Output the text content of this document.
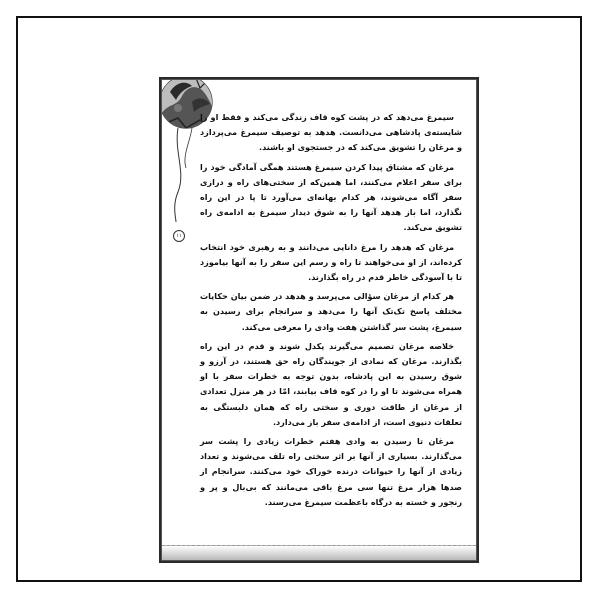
۱۱

سیمرغ می‌دهد که در پشت کوه قاف زندگی می‌کند و فقط او را شایسته‌ی پادشاهی می‌دانست. هدهد به توصیف سیمرغ می‌پردازد و مرغان را تشویق می‌کند که در جستجوی او باشند.

مرغان که مشتاق پیدا کردن سیمرغ هستند همگی آمادگی خود را برای سفر اعلام می‌کنند، اما همین‌که از سختی‌های راه و درازی سفر آگاه می‌شوند، هر کدام بهانه‌ای می‌آورد تا پا در این راه نگذارد، اما باز هدهد آنها را به شوق دیدار سیمرغ به ادامه‌ی راه تشویق می‌کند.

مرغان که هدهد را مرغ دانایی می‌دانند و به رهبری خود انتخاب کرده‌اند، از او می‌خواهند تا راه و رسم این سفر را به آنها بیاموزد تا با آسودگی خاطر قدم در راه بگذارند.

هر کدام از مرغان سؤالی می‌پرسد و هدهد در ضمن بیان حکایات مختلف پاسخ تک‌تک آنها را می‌دهد و سرانجام برای رسیدن به سیمرغ، پشت سر گذاشتن هفت وادی را معرفی می‌کند.

خلاصه مرغان تصمیم می‌گیرند یکدل شوند و قدم در این راه بگذارند. مرغان که نمادی از جویندگان راه حق هستند، در آرزو و شوق رسیدن به این پادشاه، بدون توجه به خطرات سفر با او همراه می‌شوند تا او را در کوه قاف بیابند، امّا در هر منزل تعدادی از مرغان از طاقت دوری و سختی راه که همان دلبستگی به تعلقات دنیوی است، از ادامه‌ی سفر باز می‌دارد.

مرغان تا رسیدن به وادی هفتم خطرات زیادی را پشت سر می‌گذارند. بسیاری از آنها بر اثر سختی راه تلف می‌شوند و تعداد زیادی از آنها را حیوانات درنده خوراک خود می‌کنند. سرانجام از صدها هزار مرغ تنها سی مرغ باقی می‌مانند که بی‌بال و پر و رنجور و خسته به درگاه باعظمت سیمرغ می‌رسند.
